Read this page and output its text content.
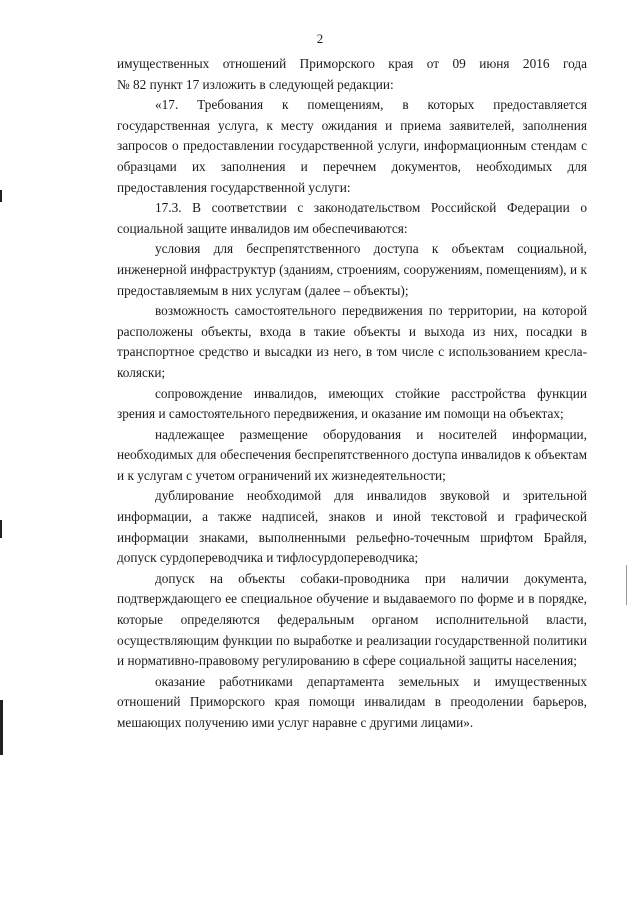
2

имущественных отношений Приморского края от 09 июня 2016 года

№ 82 пункт 17 изложить в следующей редакции:

«17. Требования к помещениям, в которых предоставляется государственная услуга, к месту ожидания и приема заявителей, заполнения запросов о предоставлении государственной услуги, информационным стендам с образцами их заполнения и перечнем документов, необходимых для предоставления государственной услуги:

17.3. В соответствии с законодательством Российской Федерации о социальной защите инвалидов им обеспечиваются:

условия для беспрепятственного доступа к объектам социальной, инженерной инфраструктур (зданиям, строениям, сооружениям, помещениям), и к предоставляемым в них услугам (далее – объекты);

возможность самостоятельного передвижения по территории, на которой расположены объекты, входа в такие объекты и выхода из них, посадки в транспортное средство и высадки из него, в том числе с использованием кресла-коляски;

сопровождение инвалидов, имеющих стойкие расстройства функции зрения и самостоятельного передвижения, и оказание им помощи на объектах;

надлежащее размещение оборудования и носителей информации, необходимых для обеспечения беспрепятственного доступа инвалидов к объектам и к услугам с учетом ограничений их жизнедеятельности;

дублирование необходимой для инвалидов звуковой и зрительной информации, а также надписей, знаков и иной текстовой и графической информации знаками, выполненными рельефно-точечным шрифтом Брайля, допуск сурдопереводчика и тифлосурдопереводчика;

допуск на объекты собаки-проводника при наличии документа, подтверждающего ее специальное обучение и выдаваемого по форме и в порядке, которые определяются федеральным органом исполнительной власти, осуществляющим функции по выработке и реализации государственной политики и нормативно-правовому регулированию в сфере социальной защиты населения;

оказание работниками департамента земельных и имущественных отношений Приморского края помощи инвалидам в преодолении барьеров, мешающих получению ими услуг наравне с другими лицами».
